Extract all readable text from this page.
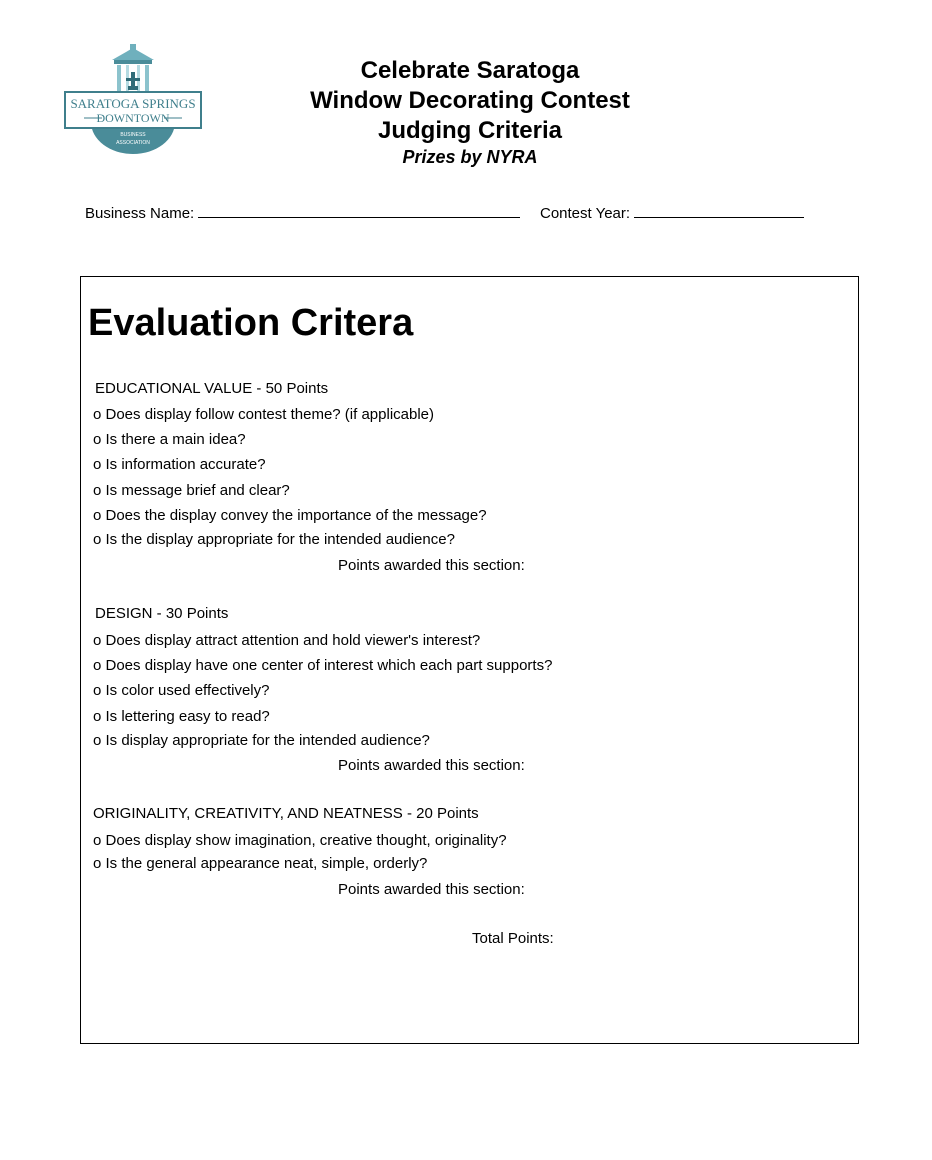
SARATOGA SPRINGS
DOWNTOWN
BUSINESS
ASSOCIATION
Celebrate Saratoga
Window Decorating Contest
Judging Criteria
Prizes by NYRA
Business Name:	Contest Year:
Evaluation Critera
EDUCATIONAL VALUE - 50 Points
o Does display follow contest theme? (if applicable)
o Is there a main idea?
o Is information accurate?
o Is message brief and clear?
o Does the display convey the importance of the message?
o Is the display appropriate for the intended audience?
Points awarded this section:
DESIGN - 30 Points
o Does display attract attention and hold viewer's interest?
o Does display have one center of interest which each part supports?
o Is color used effectively?
o Is lettering easy to read?
o Is display appropriate for the intended audience?
Points awarded this section:
ORIGINALITY, CREATIVITY, AND NEATNESS - 20 Points
o Does display show imagination, creative thought, originality?
o Is the general appearance neat, simple, orderly?
Points awarded this section:
Total Points:
